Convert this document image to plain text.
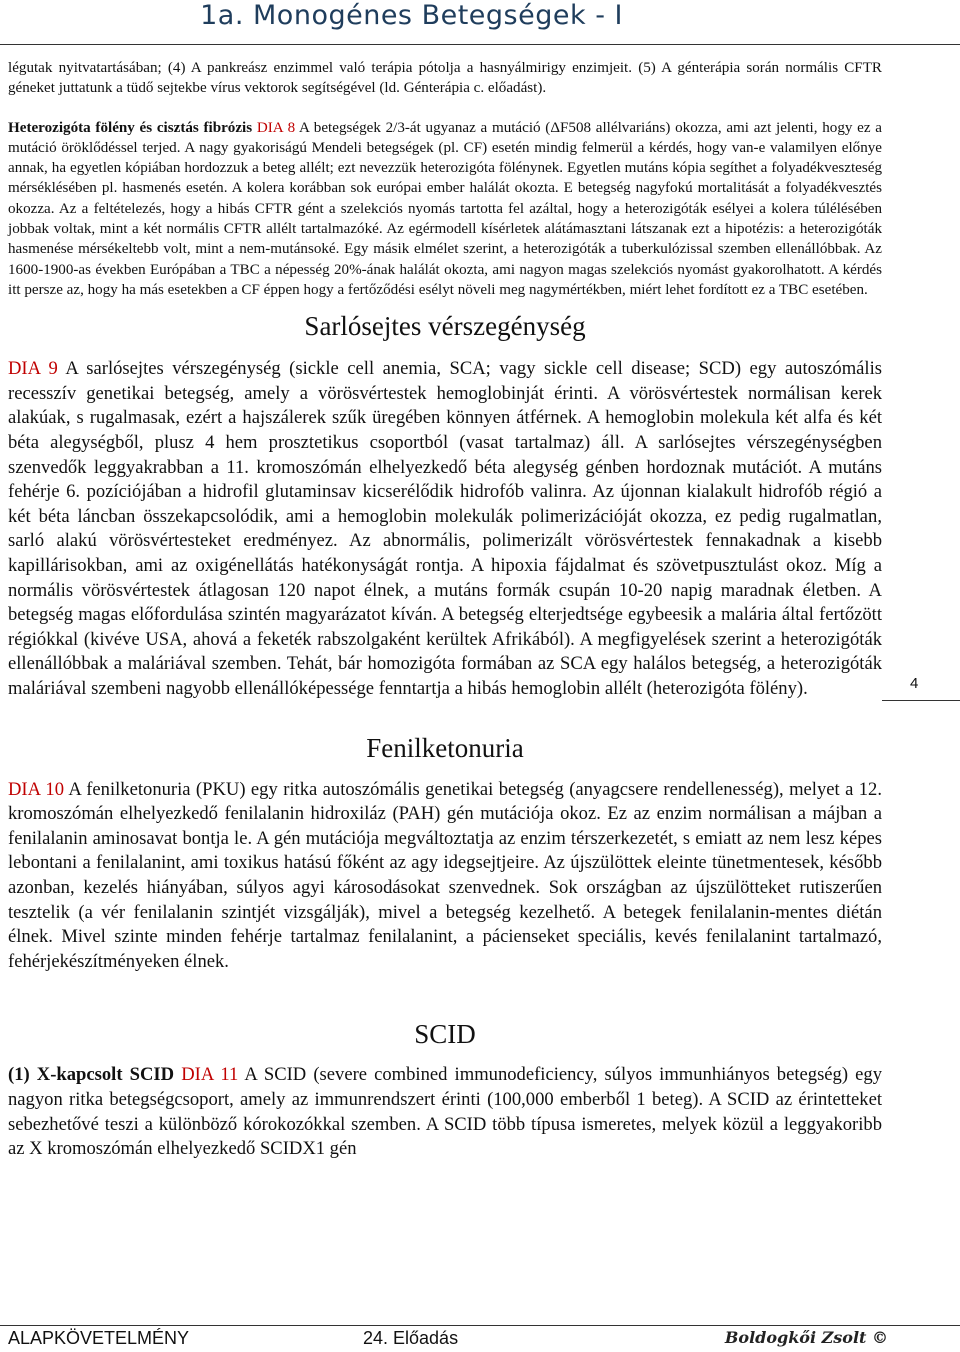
1a. Monogénes Betegségek - I

légutak nyitvatartásában; (4) A pankreász enzimmel való terápia pótolja a hasnyálmirigy enzimjeit. (5) A génterápia során normális CFTR géneket juttatunk a tüdő sejtekbe vírus vektorok segítségével (ld. Génterápia c. előadást).

Heterozigóta fölény és cisztás fibrózis DIA 8 A betegségek 2/3-át ugyanaz a mutáció (ΔF508 allélvariáns) okozza, ami azt jelenti, hogy ez a mutáció öröklődéssel terjed. A nagy gyakoriságú Mendeli betegségek (pl. CF) esetén mindig felmerül a kérdés, hogy van-e valamilyen előnye annak, ha egyetlen kópiában hordozzuk a beteg allélt; ezt nevezzük heterozigóta fölénynek. Egyetlen mutáns kópia segíthet a folyadékveszteség mérséklésében pl. hasmenés esetén. A kolera korábban sok európai ember halálát okozta. E betegség nagyfokú mortalitását a folyadékvesztés okozza. Az a feltételezés, hogy a hibás CFTR gént a szelekciós nyomás tartotta fel azáltal, hogy a heterozigóták esélyei a kolera túlélésében jobbak voltak, mint a két normális CFTR allélt tartalmazóké. Az egérmodell kísérletek alátámasztani látszanak ezt a hipotézis: a heterozigóták hasmenése mérsékeltebb volt, mint a nem-mutánsoké. Egy másik elmélet szerint, a heterozigóták a tuberkulózissal szemben ellenállóbbak. Az 1600-1900-as években Európában a TBC a népesség 20%-ának halálát okozta, ami nagyon magas szelekciós nyomást gyakorolhatott. A kérdés itt persze az, hogy ha más esetekben a CF éppen hogy a fertőződési esélyt növeli meg nagymértékben, miért lehet fordított ez a TBC esetében.

Sarlósejtes vérszegénység

DIA 9 A sarlósejtes vérszegénység (sickle cell anemia, SCA; vagy sickle cell disease; SCD) egy autoszómális recesszív genetikai betegség, amely a vörösvértestek hemoglobinját érinti. A vörösvértestek normálisan kerek alakúak, s rugalmasak, ezért a hajszálerek szűk üregében könnyen átférnek. A hemoglobin molekula két alfa és két béta alegységből, plusz 4 hem prosztetikus csoportból (vasat tartalmaz) áll. A sarlósejtes vérszegénységben szenvedők leggyakrabban a 11. kromoszómán elhelyezkedő béta alegység génben hordoznak mutációt. A mutáns fehérje 6. pozíciójában a hidrofil glutaminsav kicserélődik hidrofób valinra. Az újonnan kialakult hidrofób régió a két béta láncban összekapcsolódik, ami a hemoglobin molekulák polimerizációját okozza, ez pedig rugalmatlan, sarló alakú vörösvértesteket eredményez. Az abnormális, polimerizált vörösvértestek fennakadnak a kisebb kapillárisokban, ami az oxigénellátás hatékonyságát rontja. A hipoxia fájdalmat és szövetpusztulást okoz. Míg a normális vörösvértestek átlagosan 120 napot élnek, a mutáns formák csupán 10-20 napig maradnak életben. A betegség magas előfordulása szintén magyarázatot kíván. A betegség elterjedtsége egybeesik a malária által fertőzött régiókkal (kivéve USA, ahová a feketék rabszolgaként kerültek Afrikából). A megfigyelések szerint a heterozigóták ellenállóbbak a maláriával szemben. Tehát, bár homozigóta formában az SCA egy halálos betegség, a heterozigóták maláriával szembeni nagyobb ellenállóképessége fenntartja a hibás hemoglobin allélt (heterozigóta fölény).

Fenilketonuria

DIA 10 A fenilketonuria (PKU) egy ritka autoszómális genetikai betegség (anyagcsere rendellenesség), melyet a 12. kromoszómán elhelyezkedő fenilalanin hidroxiláz (PAH) gén mutációja okoz. Ez az enzim normálisan a májban a fenilalanin aminosavat bontja le. A gén mutációja megváltoztatja az enzim térszerkezetét, s emiatt az nem lesz képes lebontani a fenilalanint, ami toxikus hatású főként az agy idegsejtjeire. Az újszülöttek eleinte tünetmentesek, később azonban, kezelés hiányában, súlyos agyi károsodásokat szenvednek. Sok országban az újszülötteket rutiszerűen tesztelik (a vér fenilalanin szintjét vizsgálják), mivel a betegség kezelhető. A betegek fenilalanin-mentes diétán élnek. Mivel szinte minden fehérje tartalmaz fenilalanint, a pácienseket speciális, kevés fenilalanint tartalmazó, fehérjekészítményeken élnek.

SCID

(1) X-kapcsolt SCID DIA 11 A SCID (severe combined immunodeficiency, súlyos immunhiányos betegség) egy nagyon ritka betegségcsoport, amely az immunrendszert érinti (100,000 emberből 1 beteg). A SCID az érintetteket sebezhetővé teszi a különböző kórokozókkal szemben. A SCID több típusa ismeretes, melyek közül a leggyakoribb az X kromoszómán elhelyezkedő SCIDX1 gén

4
ALAPKÖVETELMÉNY	24. Előadás	Boldogkői Zsolt ©
